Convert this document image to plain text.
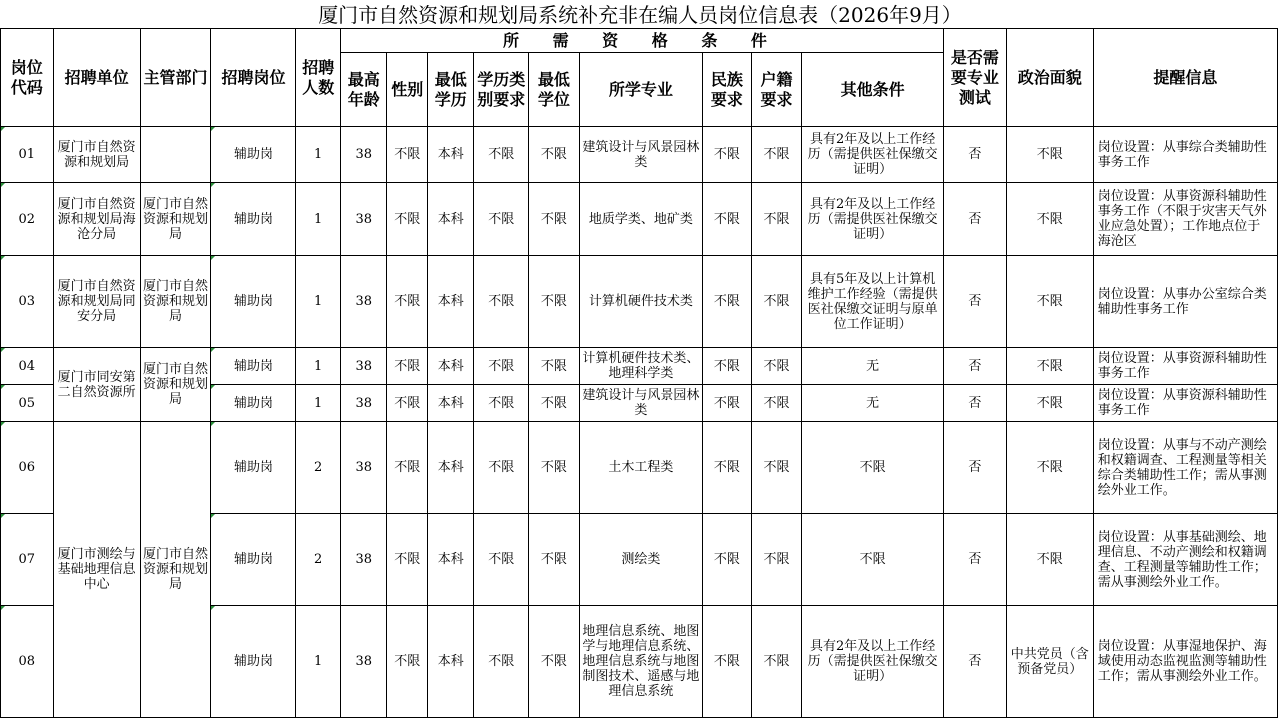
厦门市自然资源和规划局系统补充非在编人员岗位信息表（2026年9月）
岗位代码	招聘单位	主管部门	招聘岗位	招聘人数	所 需 资 格 条 件									是否需要专业测试	政治面貌	提醒信息
					最高年龄	性别	最低学历	学历类别要求	最低学位	所学专业	民族要求	户籍要求	其他条件			
01	厦门市自然资源和规划局		辅助岗	1	38	不限	本科	不限	不限	建筑设计与风景园林类	不限	不限	具有2年及以上工作经历（需提供医社保缴交证明）	否	不限	岗位设置：从事综合类辅助性事务工作
02	厦门市自然资源和规划局海沧分局	厦门市自然资源和规划局	辅助岗	1	38	不限	本科	不限	不限	地质学类、地矿类	不限	不限	具有2年及以上工作经历（需提供医社保缴交证明）	否	不限	岗位设置：从事资源科辅助性事务工作（不限于灾害天气外业应急处置）；工作地点位于海沧区
03	厦门市自然资源和规划局同安分局	厦门市自然资源和规划局	辅助岗	1	38	不限	本科	不限	不限	计算机硬件技术类	不限	不限	具有5年及以上计算机维护工作经验（需提供医社保缴交证明与原单位工作证明）	否	不限	岗位设置：从事办公室综合类辅助性事务工作
04	厦门市同安第二自然资源所	厦门市自然资源和规划局	辅助岗	1	38	不限	本科	不限	不限	计算机硬件技术类、地理科学类	不限	不限	无	否	不限	岗位设置：从事资源科辅助性事务工作
05			辅助岗	1	38	不限	本科	不限	不限	建筑设计与风景园林类	不限	不限	无	否	不限	岗位设置：从事资源科辅助性事务工作
06	厦门市测绘与基础地理信息中心	厦门市自然资源和规划局	辅助岗	2	38	不限	本科	不限	不限	土木工程类	不限	不限	不限	否	不限	岗位设置：从事与不动产测绘和权籍调查、工程测量等相关综合类辅助性工作；需从事测绘外业工作。
07			辅助岗	2	38	不限	本科	不限	不限	测绘类	不限	不限	不限	否	不限	岗位设置：从事基础测绘、地理信息、不动产测绘和权籍调查、工程测量等辅助性工作；需从事测绘外业工作。
08			辅助岗	1	38	不限	本科	不限	不限	地理信息系统、地图学与地理信息系统、地理信息系统与地图制图技术、遥感与地理信息系统	不限	不限	具有2年及以上工作经历（需提供医社保缴交证明）	否	中共党员（含预备党员）	岗位设置：从事湿地保护、海域使用动态监视监测等辅助性工作；需从事测绘外业工作。
